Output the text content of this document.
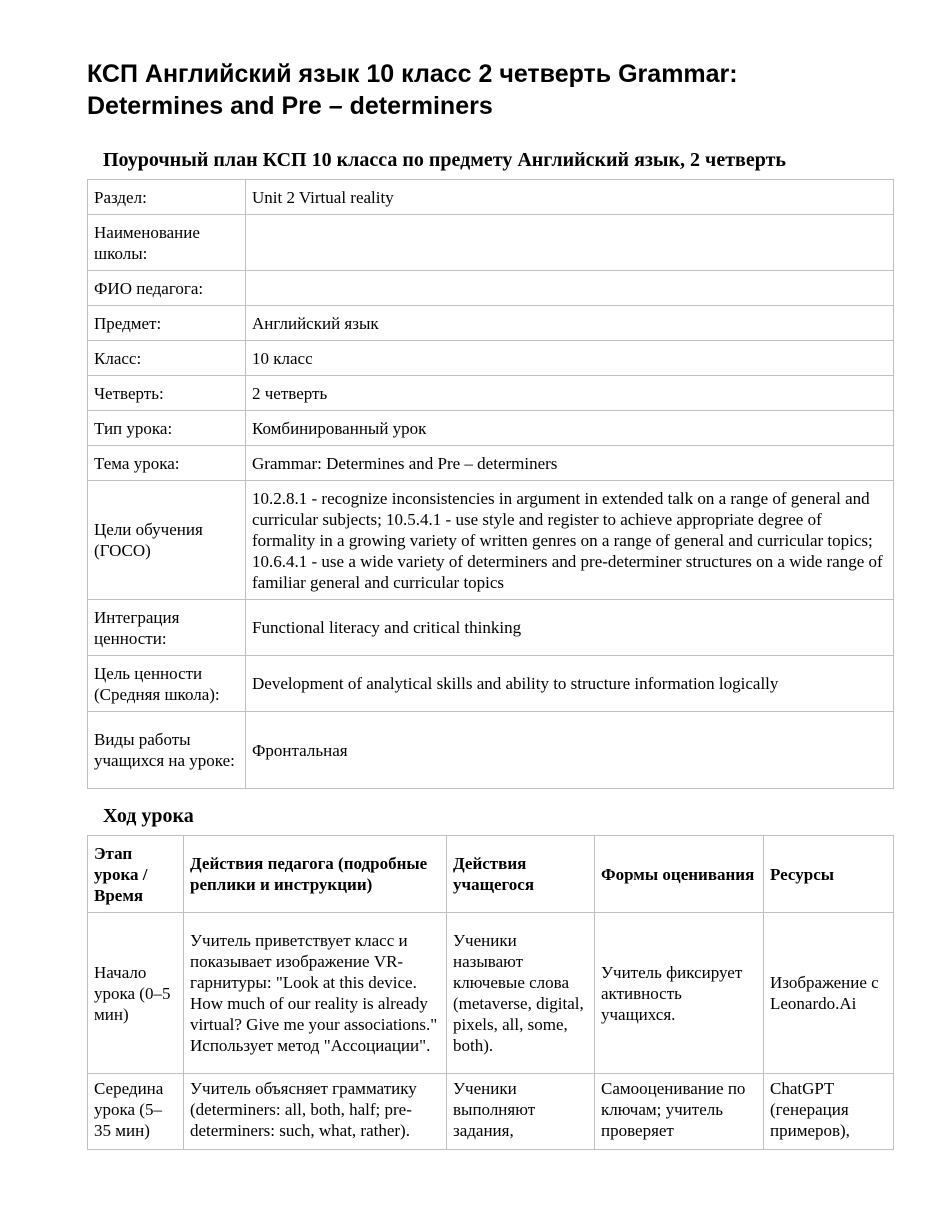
КСП Английский язык 10 класс 2 четверть Grammar: Determines and Pre – determiners
Поурочный план КСП 10 класса по предмету Английский язык, 2 четверть
Раздел:	Unit 2 Virtual reality
Наименование школы:	
ФИО педагога:	
Предмет:	Английский язык
Класс:	10 класс
Четверть:	2 четверть
Тип урока:	Комбинированный урок
Тема урока:	Grammar: Determines and Pre – determiners
Цели обучения (ГОСО)	10.2.8.1 - recognize inconsistencies in argument in extended talk on a range of general and curricular subjects; 10.5.4.1 - use style and register to achieve appropriate degree of formality in a growing variety of written genres on a range of general and curricular topics; 10.6.4.1 - use a wide variety of determiners and pre-determiner structures on a wide range of familiar general and curricular topics
Интеграция ценности:	Functional literacy and critical thinking
Цель ценности (Средняя школа):	Development of analytical skills and ability to structure information logically
Виды работы учащихся на уроке:	Фронтальная
Ход урока
Этап урока / Время	Действия педагога (подробные реплики и инструкции)	Действия учащегося	Формы оценивания	Ресурсы
Начало урока (0–5 мин)	Учитель приветствует класс и показывает изображение VR-гарнитуры: "Look at this device. How much of our reality is already virtual? Give me your associations." Использует метод "Ассоциации".	Ученики называют ключевые слова (metaverse, digital, pixels, all, some, both).	Учитель фиксирует активность учащихся.	Изображение с Leonardo.Ai
Середина урока (5–35 мин)	Учитель объясняет грамматику (determiners: all, both, half; pre-determiners: such, what, rather).	Ученики выполняют задания,	Самооценивание по ключам; учитель проверяет	ChatGPT (генерация примеров),
